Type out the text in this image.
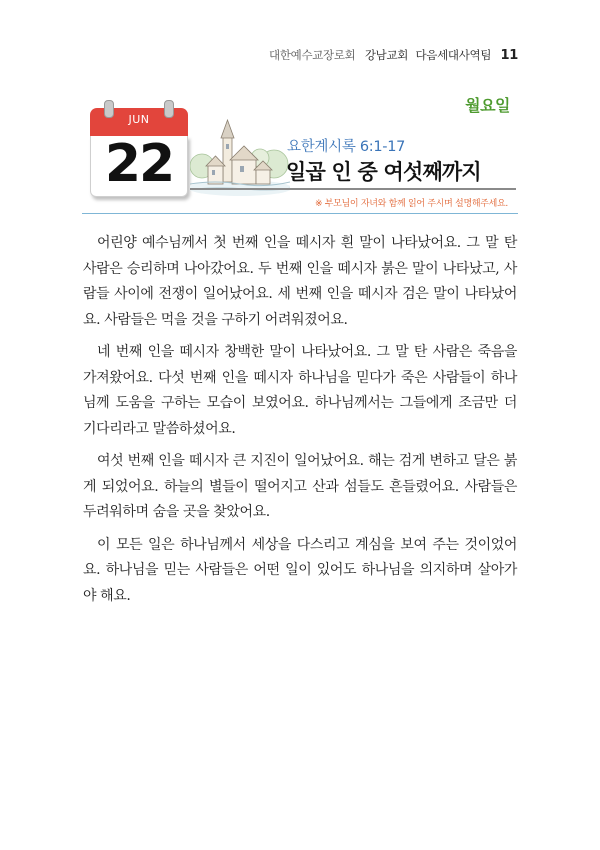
대한예수교장로회 강남교회 다음세대사역팀 11
월요일
JUN
22	요한계시록 6:1-17
일곱 인 중 여섯째까지
※ 부모님이 자녀와 함께 읽어 주시며 설명해주세요.

어린양 예수님께서 첫 번째 인을 떼시자 흰 말이 나타났어요. 그 말 탄 사람은 승리하며 나아갔어요. 두 번째 인을 떼시자 붉은 말이 나타났고, 사람들 사이에 전쟁이 일어났어요. 세 번째 인을 떼시자 검은 말이 나타났어요. 사람들은 먹을 것을 구하기 어려워졌어요.

네 번째 인을 떼시자 창백한 말이 나타났어요. 그 말 탄 사람은 죽음을 가져왔어요. 다섯 번째 인을 떼시자 하나님을 믿다가 죽은 사람들이 하나님께 도움을 구하는 모습이 보였어요. 하나님께서는 그들에게 조금만 더 기다리라고 말씀하셨어요.

여섯 번째 인을 떼시자 큰 지진이 일어났어요. 해는 검게 변하고 달은 붉게 되었어요. 하늘의 별들이 떨어지고 산과 섬들도 흔들렸어요. 사람들은 두려워하며 숨을 곳을 찾았어요.

이 모든 일은 하나님께서 세상을 다스리고 계심을 보여 주는 것이었어요. 하나님을 믿는 사람들은 어떤 일이 있어도 하나님을 의지하며 살아가야 해요.
